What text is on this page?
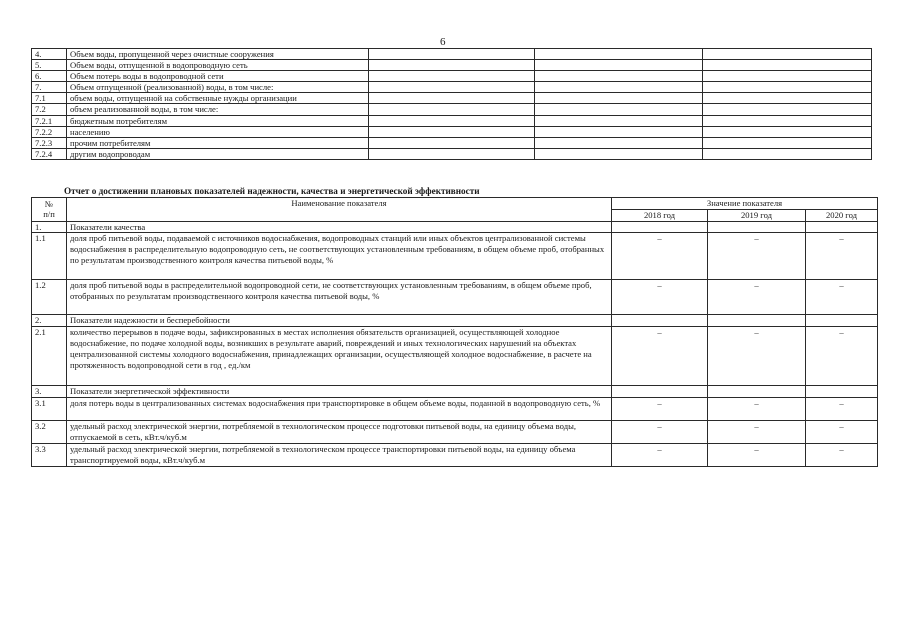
6
4.	Объем воды, пропущенной через очистные сооружения			
5.	Объем воды, отпущенной в водопроводную сеть			
6.	Объем потерь воды в водопроводной сети			
7.	Объем отпущенной (реализованной) воды, в том числе:			
7.1	объем воды, отпущенной на собственные нужды организации			
7.2	объем реализованной воды, в том числе:			
7.2.1	бюджетным потребителям			
7.2.2	населению			
7.2.3	прочим потребителям			
7.2.4	другим водопроводам			
Отчет о достижении плановых показателей надежности, качества и энергетической эффективности
№
п/п	Наименование показателя	Значение показателя		
		2018 год	2019 год	2020 год
1.	Показатели качества			
1.1	доля проб питьевой воды, подаваемой с источников водоснабжения, водопроводных станций или иных объектов централизованной системы водоснабжения в распределительную водопроводную сеть, не соответствующих установленным требованиям, в общем объеме проб, отобранных по результатам производственного контроля качества питьевой воды, %	–	–	–
1.2	доля проб питьевой воды в распределительной водопроводной сети, не соответствующих установленным требованиям, в общем объеме проб, отобранных по результатам производственного контроля качества питьевой воды, %	–	–	–
2.	Показатели надежности и бесперебойности			
2.1	количество перерывов в подаче воды, зафиксированных в местах исполнения обязательств организацией, осуществляющей холодное водоснабжение, по подаче холодной воды, возникших в результате аварий, повреждений и иных технологических нарушений на объектах централизованной системы холодного водоснабжения, принадлежащих организации, осуществляющей холодное водоснабжение, в расчете на протяженность водопроводной сети в год , ед./км	–	–	–
3.	Показатели энергетической эффективности			
3.1	доля потерь воды в централизованных системах водоснабжения при транспортировке в общем объеме воды, поданной в водопроводную сеть, %	–	–	–
3.2	удельный расход электрической энергии, потребляемой в технологическом процессе подготовки питьевой воды, на единицу объема воды, отпускаемой в сеть, кВт.ч/куб.м	–	–	–
3.3	удельный расход электрической энергии, потребляемой в технологическом процессе транспортировки питьевой воды, на единицу объема транспортируемой воды, кВт.ч/куб.м	–	–	–
